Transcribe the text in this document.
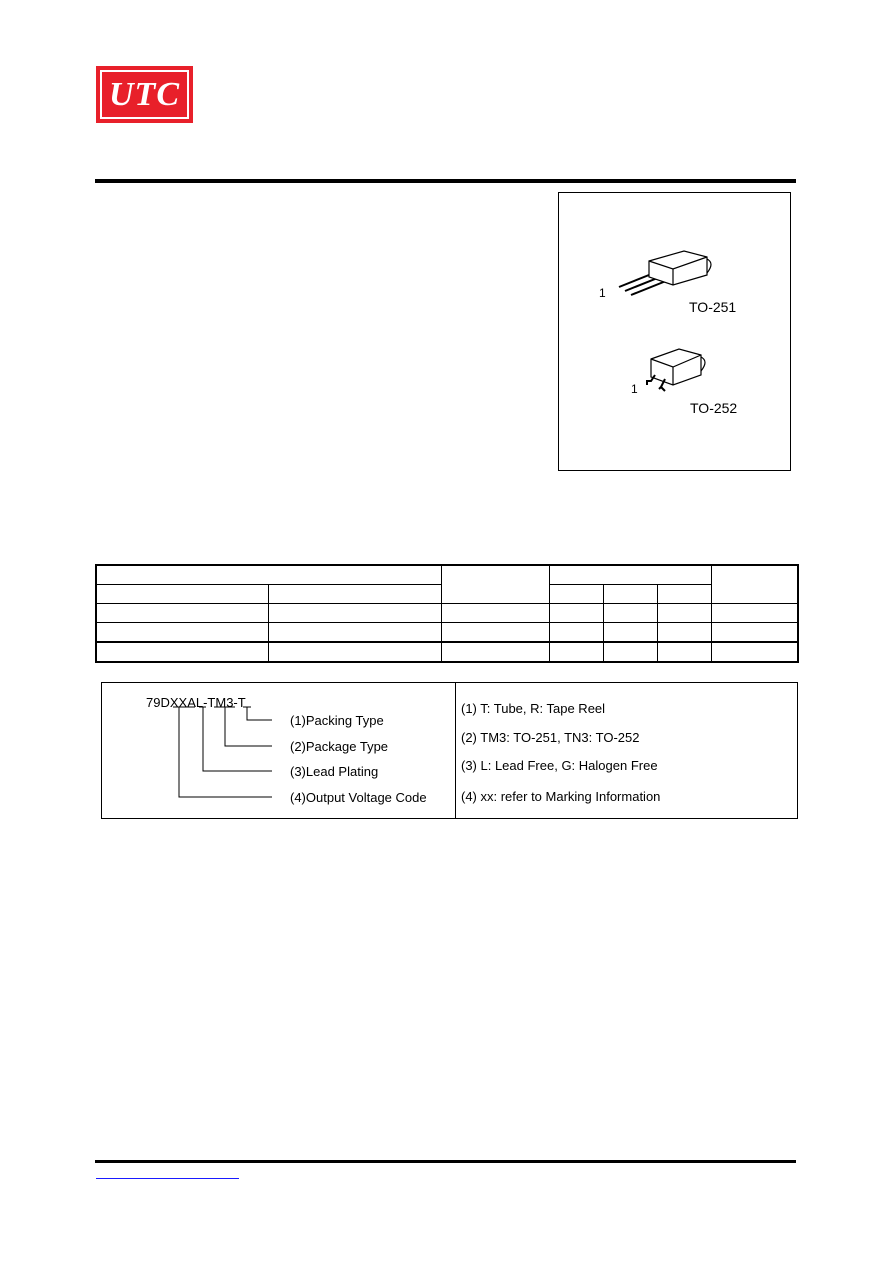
UTC
1
TO-251
1
TO-252

79DXXAL-TM3-T
(1)Packing Type
(2)Package Type
(3)Lead Plating
(4)Output Voltage Code
(1) T: Tube, R: Tape Reel
(2) TM3: TO-251, TN3: TO-252
(3) L: Lead Free, G: Halogen Free
(4) xx: refer to Marking Information
